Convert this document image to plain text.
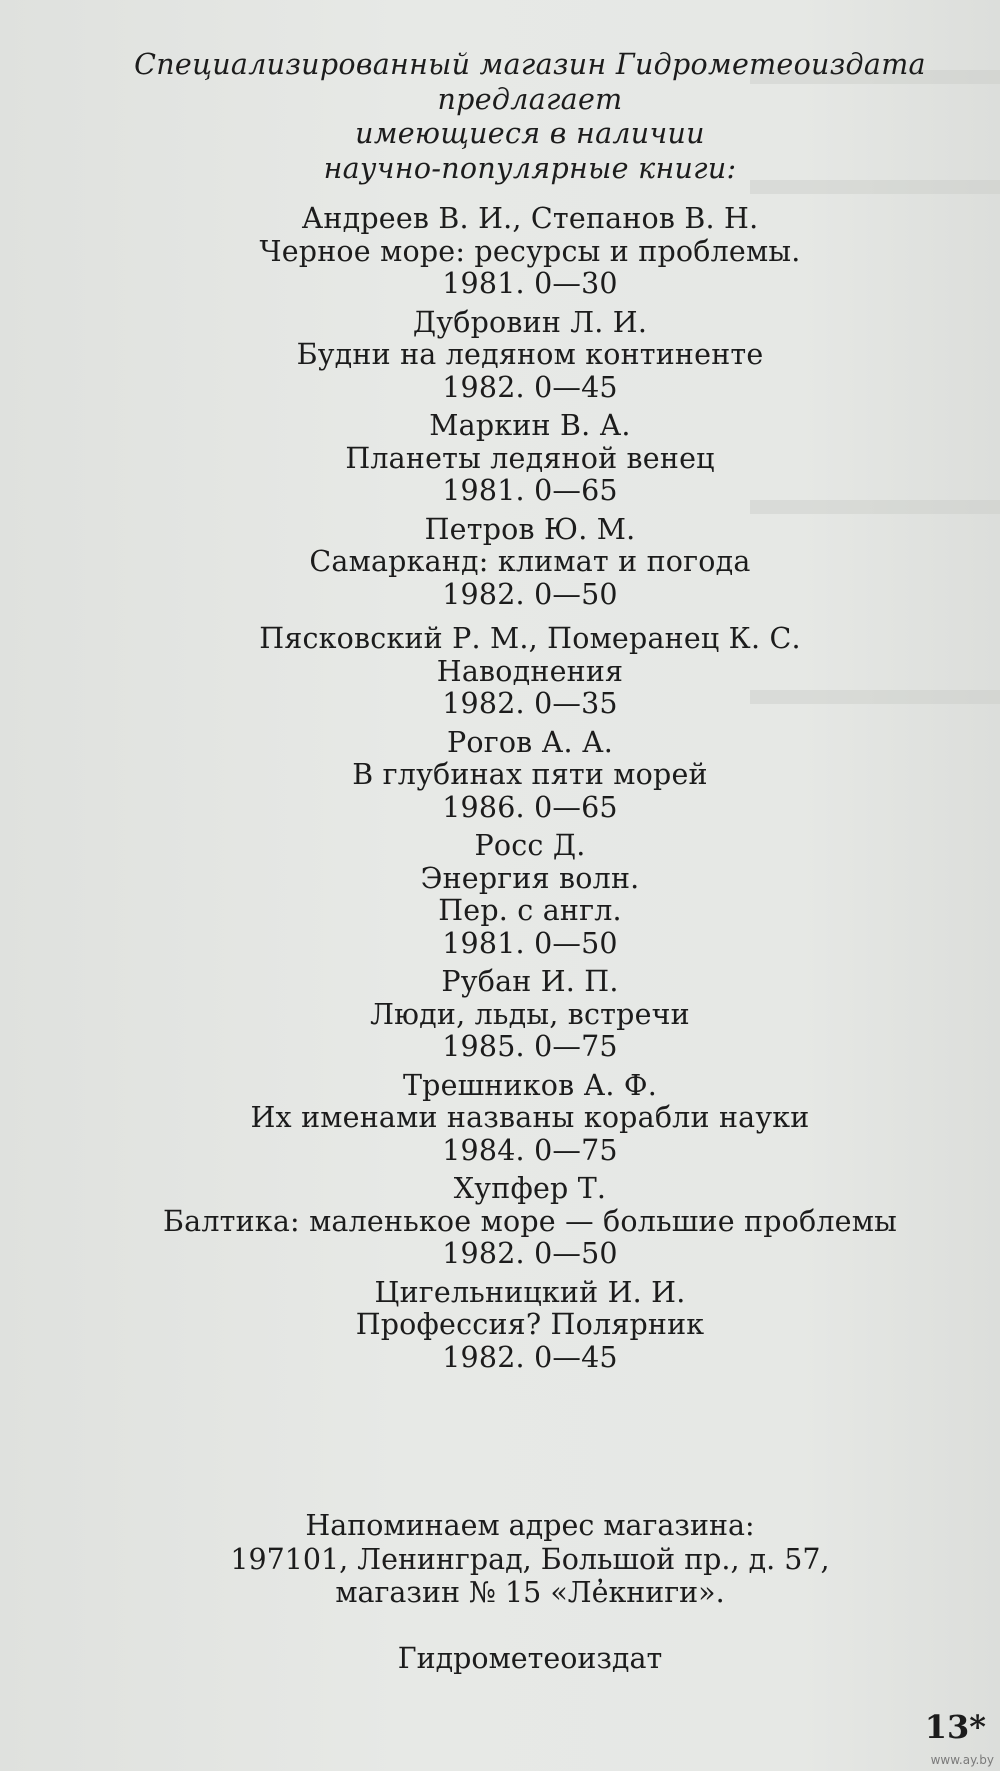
Специализированный магазин Гидрометеоиздата
предлагает
имеющиеся в наличии
научно-популярные книги:
Андреев В. И., Степанов В. Н.
Черное море: ресурсы и проблемы.
1981. 0—30
Дубровин Л. И.
Будни на ледяном континенте
1982. 0—45
Маркин В. А.
Планеты ледяной венец
1981. 0—65
Петров Ю. М.
Самарканд: климат и погода
1982. 0—50
Пясковский Р. М., Померанец К. С.
Наводнения
1982. 0—35
Рогов А. А.
В глубинах пяти морей
1986. 0—65
Росс Д.
Энергия волн.
Пер. с англ.
1981. 0—50
Рубан И. П.
Люди, льды, встречи
1985. 0—75
Трешников А. Ф.
Их именами названы корабли науки
1984. 0—75
Хупфер Т.
Балтика: маленькое море — большие проблемы
1982. 0—50
Цигельницкий И. И.
Профессия? Полярник
1982. 0—45
Напоминаем адрес магазина:
197101, Ленинград, Большой пр., д. 57,
магазин № 15 «Ле̓книги».
Гидрометеоиздат
13*
www.ay.by
